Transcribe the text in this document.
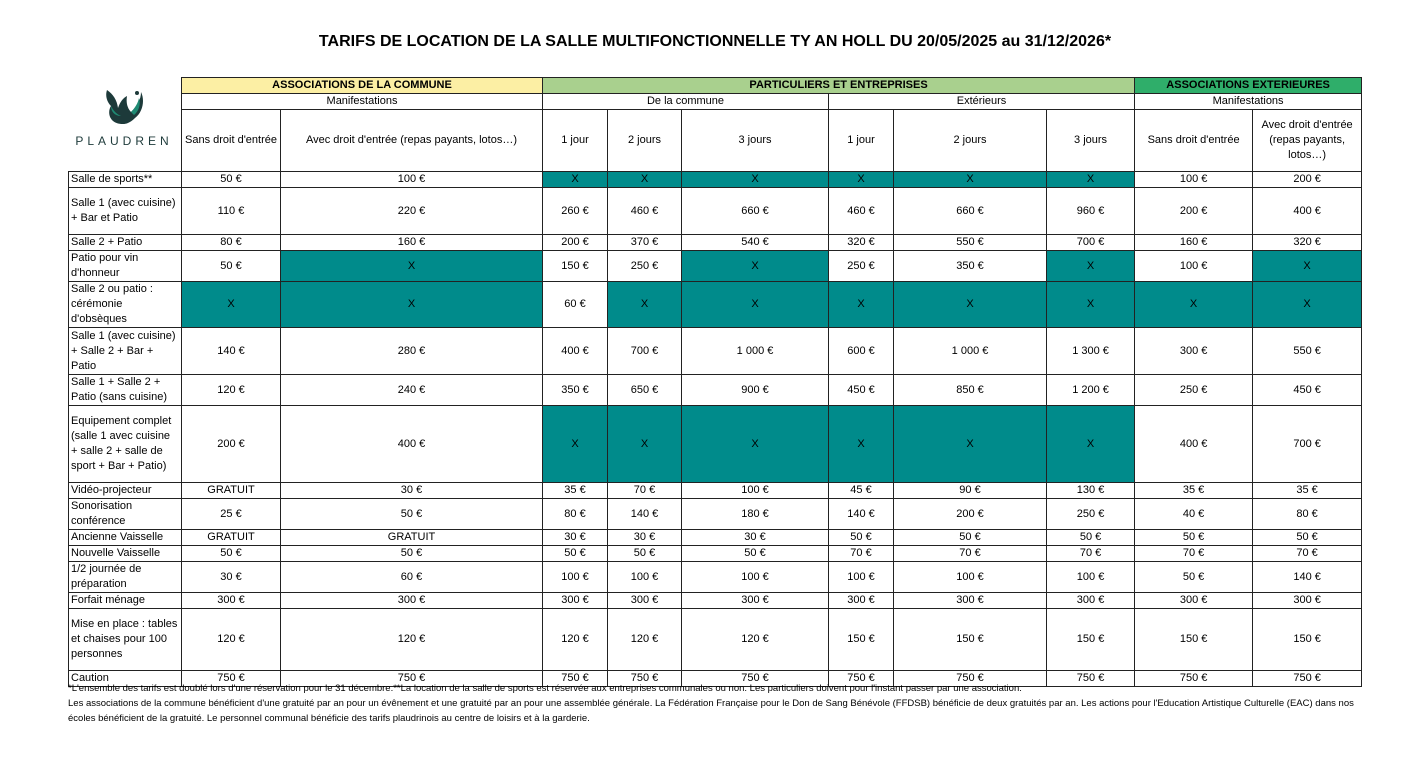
TARIFS DE LOCATION DE LA SALLE MULTIFONCTIONNELLE TY AN HOLL DU 20/05/2025 au 31/12/2026*
PLAUDREN
	ASSOCIATIONS DE LA COMMUNE		PARTICULIERS ET ENTREPRISES						ASSOCIATIONS EXTERIEURES	
	Manifestations		De la commune			Extérieurs			Manifestations	
	Sans droit d'entrée	Avec droit d'entrée (repas payants, lotos…)	1 jour	2 jours	3 jours	1 jour	2 jours	3 jours	Sans droit d'entrée	Avec droit d'entrée (repas payants, lotos…)
Salle de sports**	50 €	100 €	X	X	X	X	X	X	100 €	200 €
Salle 1 (avec cuisine) + Bar et Patio	110 €	220 €	260 €	460 €	660 €	460 €	660 €	960 €	200 €	400 €
Salle 2 + Patio	80 €	160 €	200 €	370 €	540 €	320 €	550 €	700 €	160 €	320 €
Patio pour vin d'honneur	50 €	X	150 €	250 €	X	250 €	350 €	X	100 €	X
Salle 2 ou patio : cérémonie d'obsèques	X	X	60 €	X	X	X	X	X	X	X
Salle 1 (avec cuisine) + Salle 2 + Bar + Patio	140 €	280 €	400 €	700 €	1 000 €	600 €	1 000 €	1 300 €	300 €	550 €
Salle 1 + Salle 2 + Patio (sans cuisine)	120 €	240 €	350 €	650 €	900 €	450 €	850 €	1 200 €	250 €	450 €
Equipement complet (salle 1 avec cuisine + salle 2 + salle de sport + Bar + Patio)	200 €	400 €	X	X	X	X	X	X	400 €	700 €
Vidéo-projecteur	GRATUIT	30 €	35 €	70 €	100 €	45 €	90 €	130 €	35 €	35 €
Sonorisation conférence	25 €	50 €	80 €	140 €	180 €	140 €	200 €	250 €	40 €	80 €
Ancienne Vaisselle	GRATUIT	GRATUIT	30 €	30 €	30 €	50 €	50 €	50 €	50 €	50 €
Nouvelle Vaisselle	50 €	50 €	50 €	50 €	50 €	70 €	70 €	70 €	70 €	70 €
1/2 journée de préparation	30 €	60 €	100 €	100 €	100 €	100 €	100 €	100 €	50 €	140 €
Forfait ménage	300 €	300 €	300 €	300 €	300 €	300 €	300 €	300 €	300 €	300 €
Mise en place : tables et chaises pour 100 personnes	120 €	120 €	120 €	120 €	120 €	150 €	150 €	150 €	150 €	150 €
Caution	750 €	750 €	750 €	750 €	750 €	750 €	750 €	750 €	750 €	750 €

*L'ensemble des tarifs est doublé lors d'une réservation pour le 31 décembre.**La location de la salle de sports est réservée aux entreprises communales ou non. Les particuliers doivent pour l'instant passer par une association.

Les associations de la commune bénéficient d'une gratuité par an pour un évênement et une gratuité par an pour une assemblée générale. La Fédération Française pour le Don de Sang Bénévole (FFDSB) bénéficie de deux gratuités par an. Les actions pour l'Education Artistique Culturelle (EAC) dans nos écoles bénéficient de la gratuité. Le personnel communal bénéficie des tarifs plaudrinois au centre de loisirs et à la garderie.
